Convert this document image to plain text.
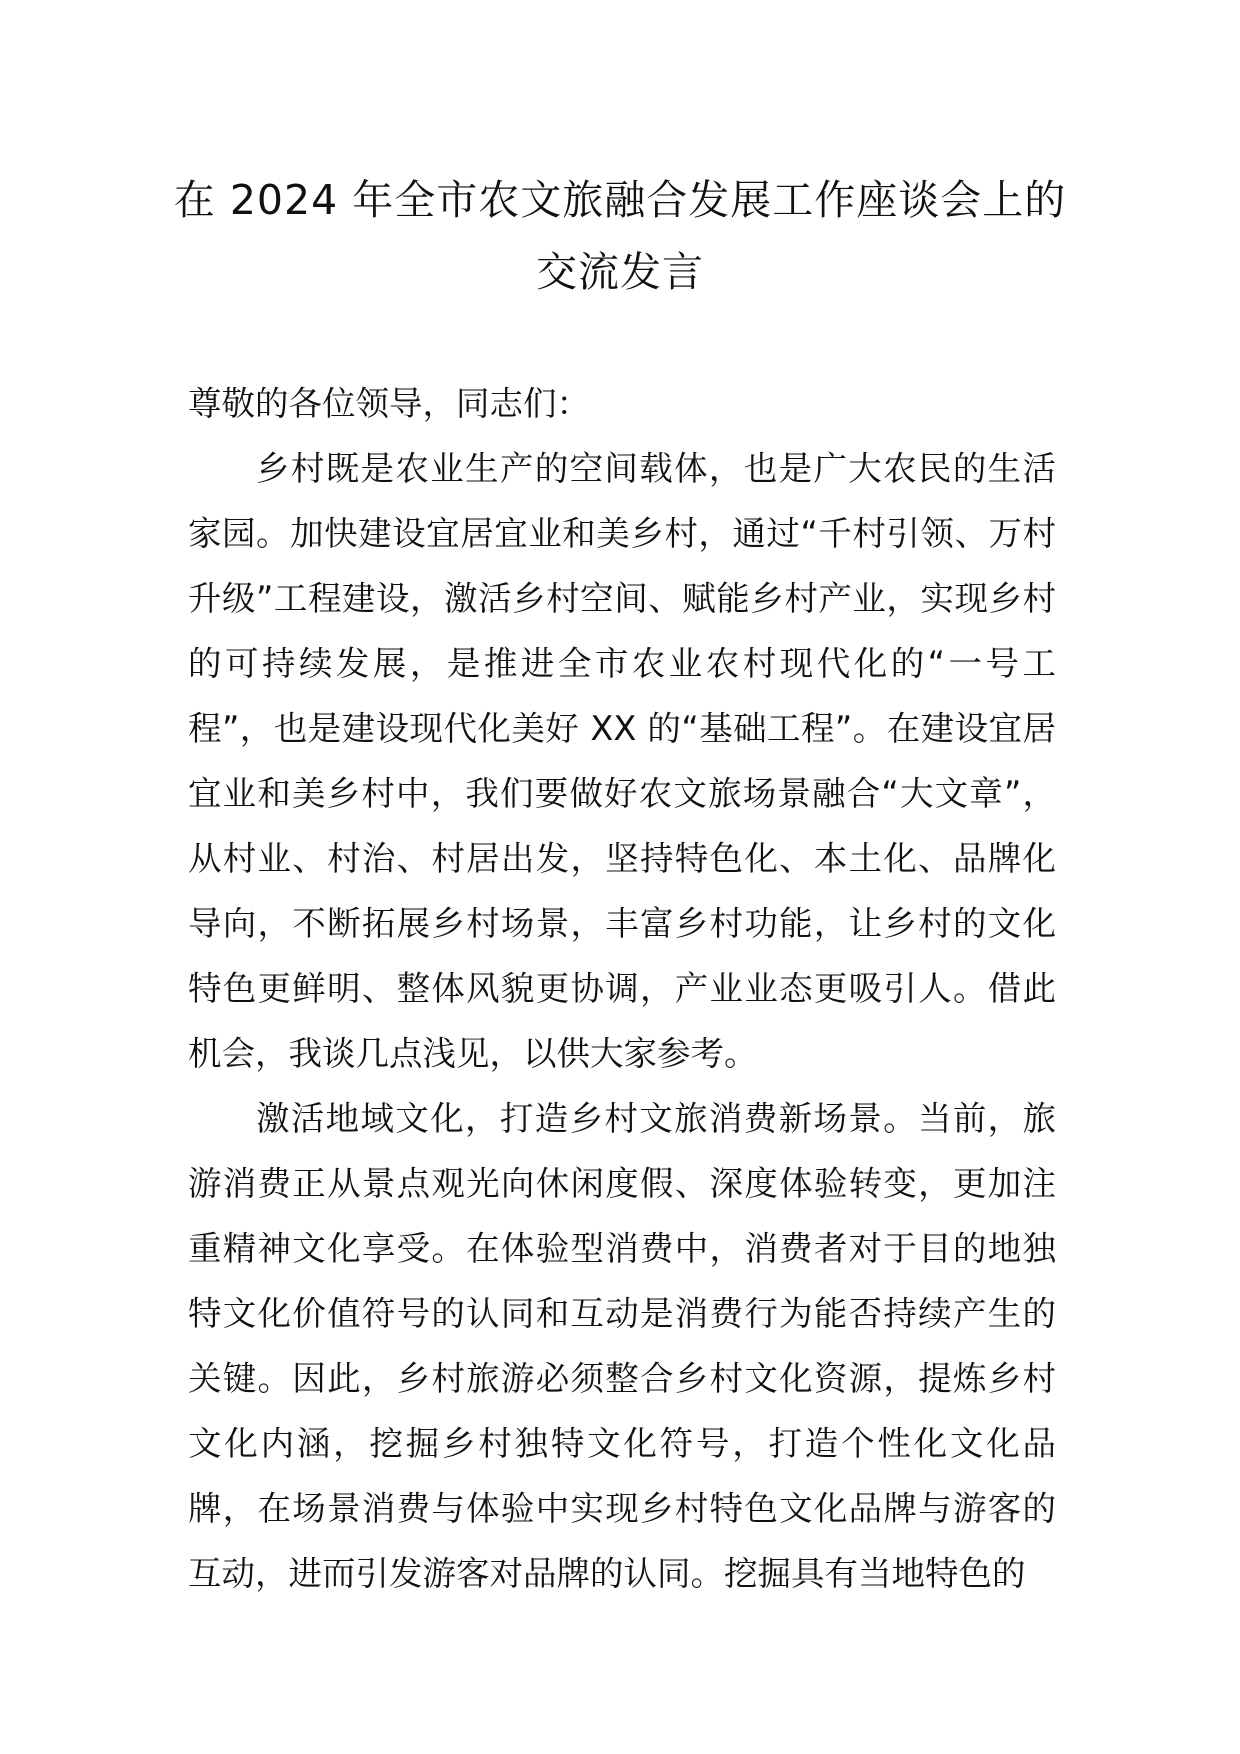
在 2024 年全市农文旅融合发展工作座谈会上的
交流发言

尊敬的各位领导，同志们：

乡村既是农业生产的空间载体，也是广大农民的生活家园。加快建设宜居宜业和美乡村，通过“千村引领、万村升级”工程建设，激活乡村空间、赋能乡村产业，实现乡村的可持续发展，是推进全市农业农村现代化的“一号工程”，也是建设现代化美好 XX 的“基础工程”。在建设宜居宜业和美乡村中，我们要做好农文旅场景融合“大文章”，从村业、村治、村居出发，坚持特色化、本土化、品牌化导向，不断拓展乡村场景，丰富乡村功能，让乡村的文化特色更鲜明、整体风貌更协调，产业业态更吸引人。借此机会，我谈几点浅见，以供大家参考。

激活地域文化，打造乡村文旅消费新场景。当前，旅游消费正从景点观光向休闲度假、深度体验转变，更加注重精神文化享受。在体验型消费中，消费者对于目的地独特文化价值符号的认同和互动是消费行为能否持续产生的关键。因此，乡村旅游必须整合乡村文化资源，提炼乡村文化内涵，挖掘乡村独特文化符号，打造个性化文化品牌，在场景消费与体验中实现乡村特色文化品牌与游客的互动，进而引发游客对品牌的认同。挖掘具有当地特色的
